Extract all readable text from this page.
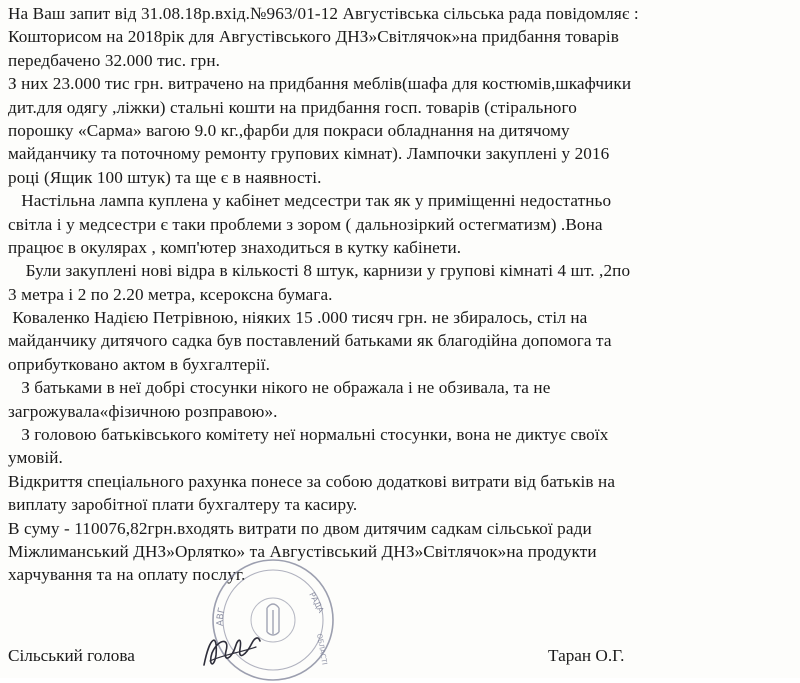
На Ваш запит від 31.08.18р.вхід.№963/01-12 Августівська сільська рада повідомляє :
Кошторисом на 2018рік для Августівського ДНЗ»Світлячок»на придбання товарів
передбачено 32.000 тис. грн.
З них 23.000 тис грн. витрачено на придбання меблів(шафа для костюмів,шкафчики
дит.для одягу ,ліжки) стальні кошти на придбання госп. товарів (стірального
порошку «Сарма» вагою 9.0 кг.,фарби для покраси обладнання на дитячому
майданчику та поточному ремонту групових кімнат). Лампочки закуплені у 2016
році (Ящик 100 штук) та ще є в наявності.
Настільна лампа куплена у кабінет медсестри так як у приміщенні недостатньо
світла і у медсестри є таки проблеми з зором ( дальнозіркий остегматизм) .Вона
працює в окулярах , комп'ютер знаходиться в кутку кабінети.
Були закуплені нові відра в кількості 8 штук, карнизи у групові кімнаті 4 шт. ,2по
3 метра і 2 по 2.20 метра, ксероксна бумага.
Коваленко Надією Петрівною, ніяких 15 .000 тисяч грн. не збиралось, стіл на
майданчику дитячого садка був поставлений батьками як благодійна допомога та
оприбутковано актом в бухгалтерії.
З батьками в неї добрі стосунки нікого не ображала і не обзивала, та не
загрожувала«фізичною розправою».
З головою батьківського комітету неї нормальні стосунки, вона не диктує своїх
умовій.
Відкриття спеціального рахунка понесе за собою додаткові витрати від батьків на
виплату заробітної плати бухгалтеру та касиру.
В суму - 110076,82грн.входять витрати по двом дитячим садкам сільської ради
Міжлиманський ДНЗ»Орлятко» та Августівський ДНЗ»Світлячок»на продукти
харчування та на оплату послуг.
АВГ	РАДА
ОБЛАСТІ
Сільський голова	Таран О.Г.
